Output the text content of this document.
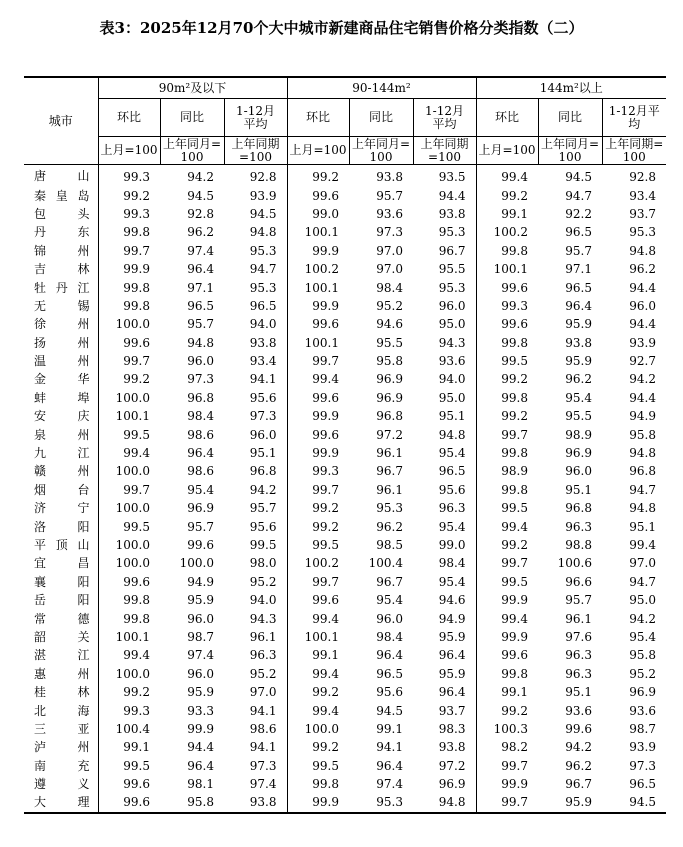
表3：2025年12月70个大中城市新建商品住宅销售价格分类指数（二）
城市	90m²及以下			90-144m²			144m²以上		
	环比	同比	1-12月平均	环比	同比	1-12月平均	环比	同比	1-12月平均
	上月=100	上年同月=100	上年同期=100	上月=100	上年同月=100	上年同期=100	上月=100	上年同月=100	上年同期=100
唐山	99.3	94.2	92.8	99.2	93.8	93.5	99.4	94.5	92.8
秦皇岛	99.2	94.5	93.9	99.6	95.7	94.4	99.2	94.7	93.4
包头	99.3	92.8	94.5	99.0	93.6	93.8	99.1	92.2	93.7
丹东	99.8	96.2	94.8	100.1	97.3	95.3	100.2	96.5	95.3
锦州	99.7	97.4	95.3	99.9	97.0	96.7	99.8	95.7	94.8
吉林	99.9	96.4	94.7	100.2	97.0	95.5	100.1	97.1	96.2
牡丹江	99.8	97.1	95.3	100.1	98.4	95.3	99.6	96.5	94.4
无锡	99.8	96.5	96.5	99.9	95.2	96.0	99.3	96.4	96.0
徐州	100.0	95.7	94.0	99.6	94.6	95.0	99.6	95.9	94.4
扬州	99.6	94.8	93.8	100.1	95.5	94.3	99.8	93.8	93.9
温州	99.7	96.0	93.4	99.7	95.8	93.6	99.5	95.9	92.7
金华	99.2	97.3	94.1	99.4	96.9	94.0	99.2	96.2	94.2
蚌埠	100.0	96.8	95.6	99.6	96.9	95.0	99.8	95.4	94.4
安庆	100.1	98.4	97.3	99.9	96.8	95.1	99.2	95.5	94.9
泉州	99.5	98.6	96.0	99.6	97.2	94.8	99.7	98.9	95.8
九江	99.4	96.4	95.1	99.9	96.1	95.4	99.8	96.9	94.8
赣州	100.0	98.6	96.8	99.3	96.7	96.5	98.9	96.0	96.8
烟台	99.7	95.4	94.2	99.7	96.1	95.6	99.8	95.1	94.7
济宁	100.0	96.9	95.7	99.2	95.3	96.3	99.5	96.8	94.8
洛阳	99.5	95.7	95.6	99.2	96.2	95.4	99.4	96.3	95.1
平顶山	100.0	99.6	99.5	99.5	98.5	99.0	99.2	98.8	99.4
宜昌	100.0	100.0	98.0	100.2	100.4	98.4	99.7	100.6	97.0
襄阳	99.6	94.9	95.2	99.7	96.7	95.4	99.5	96.6	94.7
岳阳	99.8	95.9	94.0	99.6	95.4	94.6	99.9	95.7	95.0
常德	99.8	96.0	94.3	99.4	96.0	94.9	99.4	96.1	94.2
韶关	100.1	98.7	96.1	100.1	98.4	95.9	99.9	97.6	95.4
湛江	99.4	97.4	96.3	99.1	96.4	96.4	99.6	96.3	95.8
惠州	100.0	96.0	95.2	99.4	96.5	95.9	99.8	96.3	95.2
桂林	99.2	95.9	97.0	99.2	95.6	96.4	99.1	95.1	96.9
北海	99.3	93.3	94.1	99.4	94.5	93.7	99.2	93.6	93.6
三亚	100.4	99.9	98.6	100.0	99.1	98.3	100.3	99.6	98.7
泸州	99.1	94.4	94.1	99.2	94.1	93.8	98.2	94.2	93.9
南充	99.5	96.4	97.3	99.5	96.4	97.2	99.7	96.2	97.3
遵义	99.6	98.1	97.4	99.8	97.4	96.9	99.9	96.7	96.5
大理	99.6	95.8	93.8	99.9	95.3	94.8	99.7	95.9	94.5
